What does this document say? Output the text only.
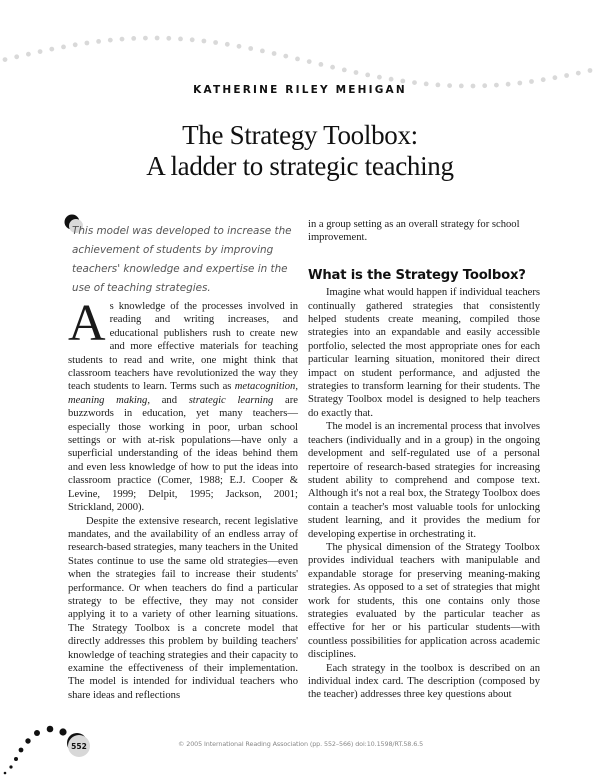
KATHERINE RILEY MEHIGAN
The Strategy Toolbox:
A ladder to strategic teaching
This model was developed to increase the achievement of students by improving teachers' knowledge and expertise in the use of teaching strategies.

As knowledge of the processes involved in reading and writing increases, and educational publishers rush to create new and more effective materials for teaching students to read and write, one might think that classroom teachers have revolutionized the way they teach students to learn. Terms such as metacognition, meaning making, and strategic learning are buzzwords in education, yet many teachers—especially those working in poor, urban school settings or with at-risk populations—have only a superficial understanding of the ideas behind them and even less knowledge of how to put the ideas into classroom practice (Comer, 1988; E.J. Cooper & Levine, 1999; Delpit, 1995; Jackson, 2001; Strickland, 2000).

Despite the extensive research, recent legislative mandates, and the availability of an endless array of research-based strategies, many teachers in the United States continue to use the same old strategies—even when the strategies fail to increase their students' performance. Or when teachers do find a particular strategy to be effective, they may not consider applying it to a variety of other learning situations. The Strategy Toolbox is a concrete model that directly addresses this problem by building teachers' knowledge of teaching strategies and their capacity to examine the effectiveness of their implementation. The model is intended for individual teachers who share ideas and reflections

in a group setting as an overall strategy for school improvement.

What is the Strategy Toolbox?

Imagine what would happen if individual teachers continually gathered strategies that consistently helped students create meaning, compiled those strategies into an expandable and easily accessible portfolio, selected the most appropriate ones for each particular learning situation, monitored their direct impact on student performance, and adjusted the strategies to transform learning for their students. The Strategy Toolbox model is designed to help teachers do exactly that.

The model is an incremental process that involves teachers (individually and in a group) in the ongoing development and self-regulated use of a personal repertoire of research-based strategies for increasing student ability to comprehend and compose text. Although it's not a real box, the Strategy Toolbox does contain a teacher's most valuable tools for unlocking student learning, and it provides the medium for developing expertise in orchestrating it.

The physical dimension of the Strategy Toolbox provides individual teachers with manipulable and expandable storage for preserving meaning-making strategies. As opposed to a set of strategies that might work for students, this one contains only those strategies evaluated by the particular teacher as effective for her or his particular students—with countless possibilities for application across academic disciplines.

Each strategy in the toolbox is described on an individual index card. The description (composed by the teacher) addresses three key questions about

552	© 2005 International Reading Association (pp. 552–566) doi:10.1598/RT.58.6.5
